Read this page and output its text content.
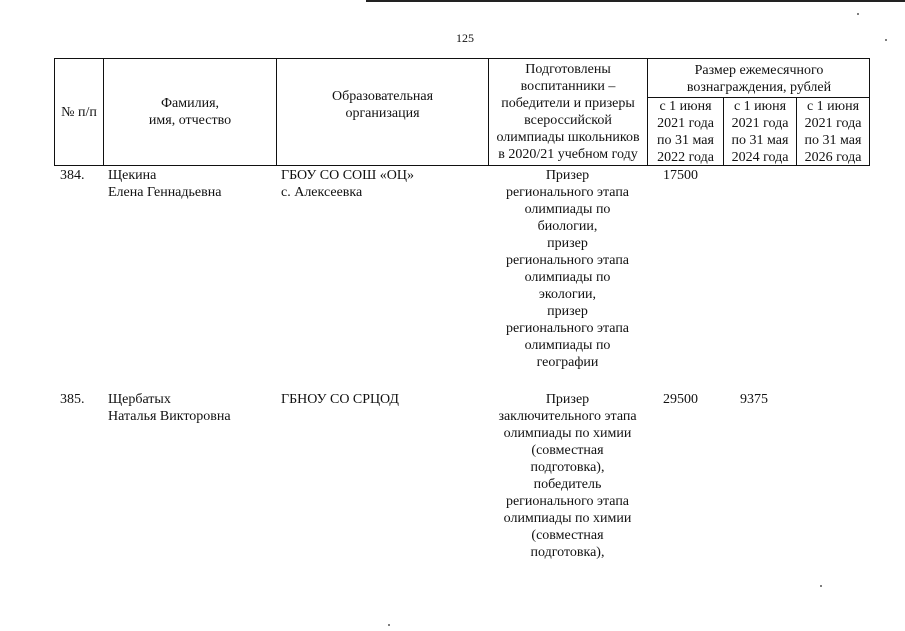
125
№ п/п
Фамилия,
имя, отчество
Образовательная
организация
Подготовлены
воспитанники –
победители и призеры
всероссийской
олимпиады школьников
в 2020/21 учебном году
Размер ежемесячного
вознаграждения, рублей
с 1 июня
2021 года
по 31 мая
2022 года
с 1 июня
2021 года
по 31 мая
2024 года
с 1 июня
2021 года
по 31 мая
2026 года
384. Щекина
Елена Геннадьевна
ГБОУ СО СОШ «ОЦ»
с. Алексеевка
Призер
регионального этапа
олимпиады по
биологии,
призер
регионального этапа
олимпиады по
экологии,
призер
регионального этапа
олимпиады по
географии
17500
385. Щербатых
Наталья Викторовна
ГБНОУ СО СРЦОД	Призер
заключительного этапа
олимпиады по химии
(совместная
подготовка),
победитель
регионального этапа
олимпиады по химии
(совместная
подготовка),
29500	9375
